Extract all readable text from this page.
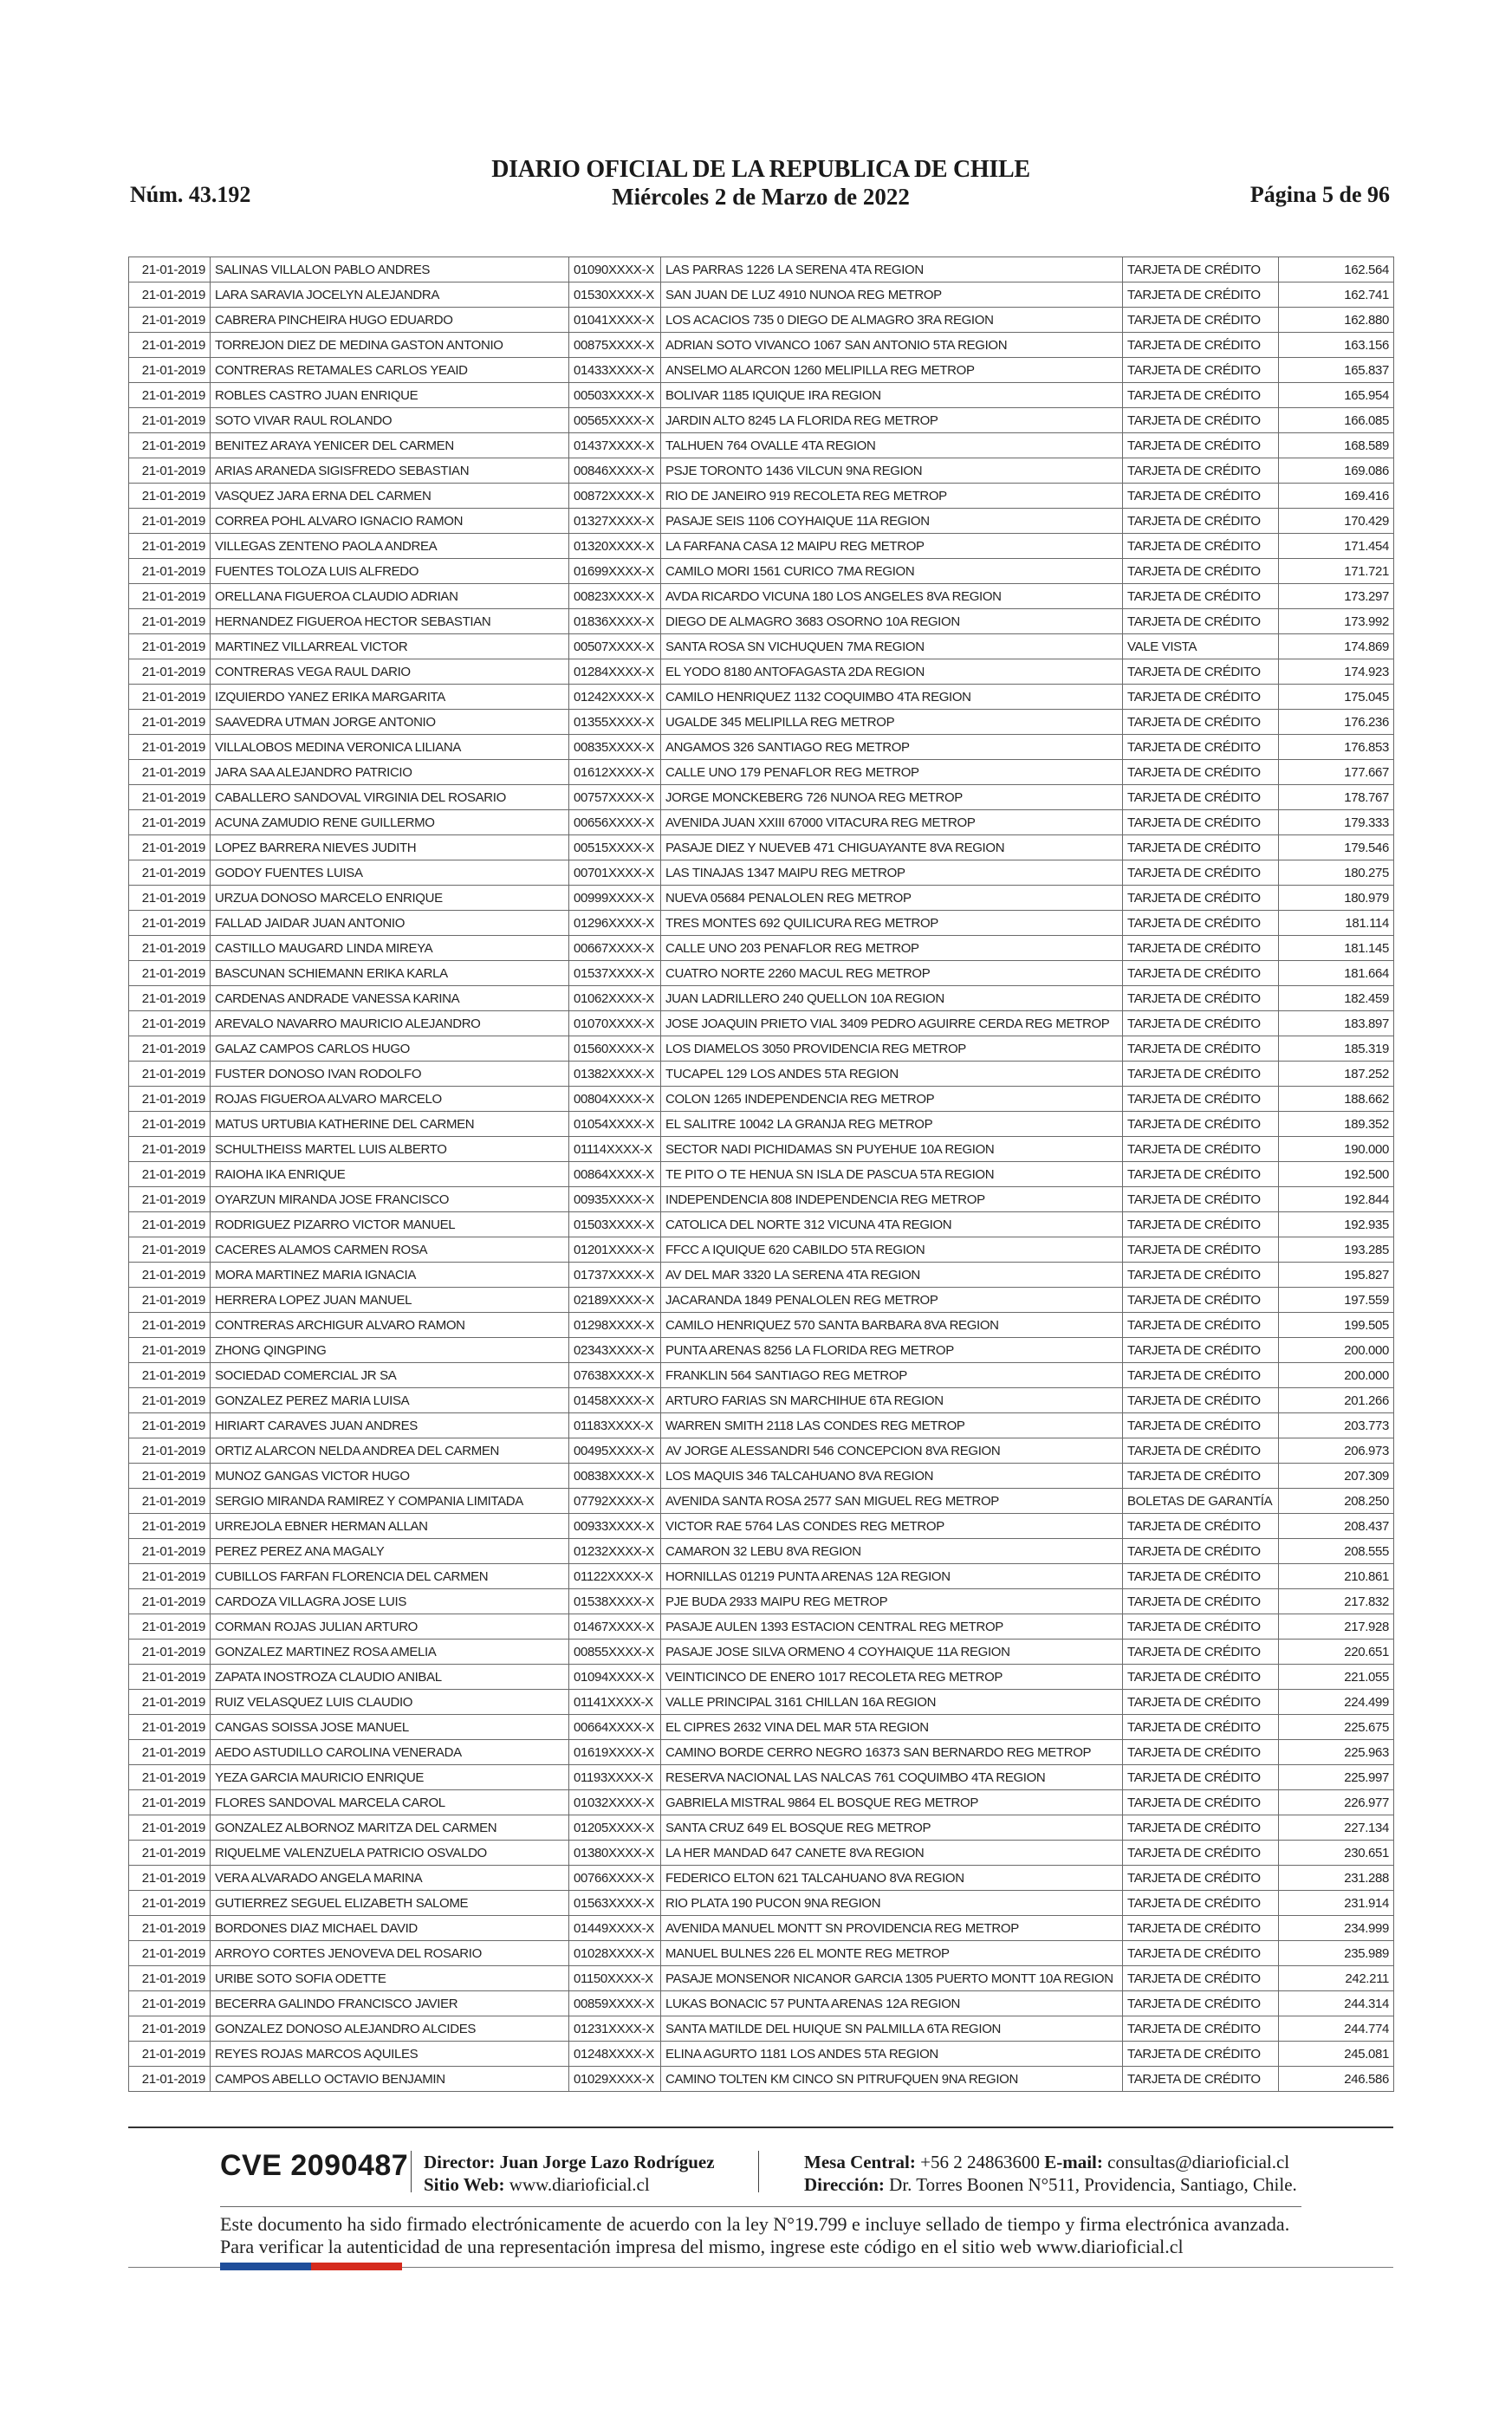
Núm. 43.192
DIARIO OFICIAL DE LA REPUBLICA DE CHILE
Miércoles 2 de Marzo de 2022	Página 5 de 96
21-01-2019	SALINAS VILLALON PABLO ANDRES	01090XXXX-X	LAS PARRAS 1226 LA SERENA 4TA REGION	TARJETA DE CRÉDITO	162.564
21-01-2019	LARA SARAVIA JOCELYN ALEJANDRA	01530XXXX-X	SAN JUAN DE LUZ 4910 NUNOA REG METROP	TARJETA DE CRÉDITO	162.741
21-01-2019	CABRERA PINCHEIRA HUGO EDUARDO	01041XXXX-X	LOS ACACIOS 735 0 DIEGO DE ALMAGRO 3RA REGION	TARJETA DE CRÉDITO	162.880
21-01-2019	TORREJON DIEZ DE MEDINA GASTON ANTONIO	00875XXXX-X	ADRIAN SOTO VIVANCO 1067 SAN ANTONIO 5TA REGION	TARJETA DE CRÉDITO	163.156
21-01-2019	CONTRERAS RETAMALES CARLOS YEAID	01433XXXX-X	ANSELMO ALARCON 1260 MELIPILLA REG METROP	TARJETA DE CRÉDITO	165.837
21-01-2019	ROBLES CASTRO JUAN ENRIQUE	00503XXXX-X	BOLIVAR 1185 IQUIQUE IRA REGION	TARJETA DE CRÉDITO	165.954
21-01-2019	SOTO VIVAR RAUL ROLANDO	00565XXXX-X	JARDIN ALTO 8245 LA FLORIDA REG METROP	TARJETA DE CRÉDITO	166.085
21-01-2019	BENITEZ ARAYA YENICER DEL CARMEN	01437XXXX-X	TALHUEN 764 OVALLE 4TA REGION	TARJETA DE CRÉDITO	168.589
21-01-2019	ARIAS ARANEDA SIGISFREDO SEBASTIAN	00846XXXX-X	PSJE TORONTO 1436 VILCUN 9NA REGION	TARJETA DE CRÉDITO	169.086
21-01-2019	VASQUEZ JARA ERNA DEL CARMEN	00872XXXX-X	RIO DE JANEIRO 919 RECOLETA REG METROP	TARJETA DE CRÉDITO	169.416
21-01-2019	CORREA POHL ALVARO IGNACIO RAMON	01327XXXX-X	PASAJE SEIS 1106 COYHAIQUE 11A REGION	TARJETA DE CRÉDITO	170.429
21-01-2019	VILLEGAS ZENTENO PAOLA ANDREA	01320XXXX-X	LA FARFANA CASA 12 MAIPU REG METROP	TARJETA DE CRÉDITO	171.454
21-01-2019	FUENTES TOLOZA LUIS ALFREDO	01699XXXX-X	CAMILO MORI 1561 CURICO 7MA REGION	TARJETA DE CRÉDITO	171.721
21-01-2019	ORELLANA FIGUEROA CLAUDIO ADRIAN	00823XXXX-X	AVDA RICARDO VICUNA 180 LOS ANGELES 8VA REGION	TARJETA DE CRÉDITO	173.297
21-01-2019	HERNANDEZ FIGUEROA HECTOR SEBASTIAN	01836XXXX-X	DIEGO DE ALMAGRO 3683 OSORNO 10A REGION	TARJETA DE CRÉDITO	173.992
21-01-2019	MARTINEZ VILLARREAL VICTOR	00507XXXX-X	SANTA ROSA SN VICHUQUEN 7MA REGION	VALE VISTA	174.869
21-01-2019	CONTRERAS VEGA RAUL DARIO	01284XXXX-X	EL YODO 8180 ANTOFAGASTA 2DA REGION	TARJETA DE CRÉDITO	174.923
21-01-2019	IZQUIERDO YANEZ ERIKA MARGARITA	01242XXXX-X	CAMILO HENRIQUEZ 1132 COQUIMBO 4TA REGION	TARJETA DE CRÉDITO	175.045
21-01-2019	SAAVEDRA UTMAN JORGE ANTONIO	01355XXXX-X	UGALDE 345 MELIPILLA REG METROP	TARJETA DE CRÉDITO	176.236
21-01-2019	VILLALOBOS MEDINA VERONICA LILIANA	00835XXXX-X	ANGAMOS 326 SANTIAGO REG METROP	TARJETA DE CRÉDITO	176.853
21-01-2019	JARA SAA ALEJANDRO PATRICIO	01612XXXX-X	CALLE UNO 179 PENAFLOR REG METROP	TARJETA DE CRÉDITO	177.667
21-01-2019	CABALLERO SANDOVAL VIRGINIA DEL ROSARIO	00757XXXX-X	JORGE MONCKEBERG 726 NUNOA REG METROP	TARJETA DE CRÉDITO	178.767
21-01-2019	ACUNA ZAMUDIO RENE GUILLERMO	00656XXXX-X	AVENIDA JUAN XXIII 67000 VITACURA REG METROP	TARJETA DE CRÉDITO	179.333
21-01-2019	LOPEZ BARRERA NIEVES JUDITH	00515XXXX-X	PASAJE DIEZ Y NUEVEB 471 CHIGUAYANTE 8VA REGION	TARJETA DE CRÉDITO	179.546
21-01-2019	GODOY FUENTES LUISA	00701XXXX-X	LAS TINAJAS 1347 MAIPU REG METROP	TARJETA DE CRÉDITO	180.275
21-01-2019	URZUA DONOSO MARCELO ENRIQUE	00999XXXX-X	NUEVA 05684 PENALOLEN REG METROP	TARJETA DE CRÉDITO	180.979
21-01-2019	FALLAD JAIDAR JUAN ANTONIO	01296XXXX-X	TRES MONTES 692 QUILICURA REG METROP	TARJETA DE CRÉDITO	181.114
21-01-2019	CASTILLO MAUGARD LINDA MIREYA	00667XXXX-X	CALLE UNO 203 PENAFLOR REG METROP	TARJETA DE CRÉDITO	181.145
21-01-2019	BASCUNAN SCHIEMANN ERIKA KARLA	01537XXXX-X	CUATRO NORTE 2260 MACUL REG METROP	TARJETA DE CRÉDITO	181.664
21-01-2019	CARDENAS ANDRADE VANESSA KARINA	01062XXXX-X	JUAN LADRILLERO 240 QUELLON 10A REGION	TARJETA DE CRÉDITO	182.459
21-01-2019	AREVALO NAVARRO MAURICIO ALEJANDRO	01070XXXX-X	JOSE JOAQUIN PRIETO VIAL 3409 PEDRO AGUIRRE CERDA REG METROP	TARJETA DE CRÉDITO	183.897
21-01-2019	GALAZ CAMPOS CARLOS HUGO	01560XXXX-X	LOS DIAMELOS 3050 PROVIDENCIA REG METROP	TARJETA DE CRÉDITO	185.319
21-01-2019	FUSTER DONOSO IVAN RODOLFO	01382XXXX-X	TUCAPEL 129 LOS ANDES 5TA REGION	TARJETA DE CRÉDITO	187.252
21-01-2019	ROJAS FIGUEROA ALVARO MARCELO	00804XXXX-X	COLON 1265 INDEPENDENCIA REG METROP	TARJETA DE CRÉDITO	188.662
21-01-2019	MATUS URTUBIA KATHERINE DEL CARMEN	01054XXXX-X	EL SALITRE 10042 LA GRANJA REG METROP	TARJETA DE CRÉDITO	189.352
21-01-2019	SCHULTHEISS MARTEL LUIS ALBERTO	01114XXXX-X	SECTOR NADI PICHIDAMAS SN PUYEHUE 10A REGION	TARJETA DE CRÉDITO	190.000
21-01-2019	RAIOHA IKA ENRIQUE	00864XXXX-X	TE PITO O TE HENUA SN ISLA DE PASCUA 5TA REGION	TARJETA DE CRÉDITO	192.500
21-01-2019	OYARZUN MIRANDA JOSE FRANCISCO	00935XXXX-X	INDEPENDENCIA 808 INDEPENDENCIA REG METROP	TARJETA DE CRÉDITO	192.844
21-01-2019	RODRIGUEZ PIZARRO VICTOR MANUEL	01503XXXX-X	CATOLICA DEL NORTE 312 VICUNA 4TA REGION	TARJETA DE CRÉDITO	192.935
21-01-2019	CACERES ALAMOS CARMEN ROSA	01201XXXX-X	FFCC A IQUIQUE 620 CABILDO 5TA REGION	TARJETA DE CRÉDITO	193.285
21-01-2019	MORA MARTINEZ MARIA IGNACIA	01737XXXX-X	AV DEL MAR 3320 LA SERENA 4TA REGION	TARJETA DE CRÉDITO	195.827
21-01-2019	HERRERA LOPEZ JUAN MANUEL	02189XXXX-X	JACARANDA 1849 PENALOLEN REG METROP	TARJETA DE CRÉDITO	197.559
21-01-2019	CONTRERAS ARCHIGUR ALVARO RAMON	01298XXXX-X	CAMILO HENRIQUEZ 570 SANTA BARBARA 8VA REGION	TARJETA DE CRÉDITO	199.505
21-01-2019	ZHONG QINGPING	02343XXXX-X	PUNTA ARENAS 8256 LA FLORIDA REG METROP	TARJETA DE CRÉDITO	200.000
21-01-2019	SOCIEDAD COMERCIAL JR SA	07638XXXX-X	FRANKLIN 564 SANTIAGO REG METROP	TARJETA DE CRÉDITO	200.000
21-01-2019	GONZALEZ PEREZ MARIA LUISA	01458XXXX-X	ARTURO FARIAS SN MARCHIHUE 6TA REGION	TARJETA DE CRÉDITO	201.266
21-01-2019	HIRIART CARAVES JUAN ANDRES	01183XXXX-X	WARREN SMITH 2118 LAS CONDES REG METROP	TARJETA DE CRÉDITO	203.773
21-01-2019	ORTIZ ALARCON NELDA ANDREA DEL CARMEN	00495XXXX-X	AV JORGE ALESSANDRI 546 CONCEPCION 8VA REGION	TARJETA DE CRÉDITO	206.973
21-01-2019	MUNOZ GANGAS VICTOR HUGO	00838XXXX-X	LOS MAQUIS 346 TALCAHUANO 8VA REGION	TARJETA DE CRÉDITO	207.309
21-01-2019	SERGIO MIRANDA RAMIREZ Y COMPANIA LIMITADA	07792XXXX-X	AVENIDA SANTA ROSA 2577 SAN MIGUEL REG METROP	BOLETAS DE GARANTÍA	208.250
21-01-2019	URREJOLA EBNER HERMAN ALLAN	00933XXXX-X	VICTOR RAE 5764 LAS CONDES REG METROP	TARJETA DE CRÉDITO	208.437
21-01-2019	PEREZ PEREZ ANA MAGALY	01232XXXX-X	CAMARON 32 LEBU 8VA REGION	TARJETA DE CRÉDITO	208.555
21-01-2019	CUBILLOS FARFAN FLORENCIA DEL CARMEN	01122XXXX-X	HORNILLAS 01219 PUNTA ARENAS 12A REGION	TARJETA DE CRÉDITO	210.861
21-01-2019	CARDOZA VILLAGRA JOSE LUIS	01538XXXX-X	PJE BUDA 2933 MAIPU REG METROP	TARJETA DE CRÉDITO	217.832
21-01-2019	CORMAN ROJAS JULIAN ARTURO	01467XXXX-X	PASAJE AULEN 1393 ESTACION CENTRAL REG METROP	TARJETA DE CRÉDITO	217.928
21-01-2019	GONZALEZ MARTINEZ ROSA AMELIA	00855XXXX-X	PASAJE JOSE SILVA ORMENO 4 COYHAIQUE 11A REGION	TARJETA DE CRÉDITO	220.651
21-01-2019	ZAPATA INOSTROZA CLAUDIO ANIBAL	01094XXXX-X	VEINTICINCO DE ENERO 1017 RECOLETA REG METROP	TARJETA DE CRÉDITO	221.055
21-01-2019	RUIZ VELASQUEZ LUIS CLAUDIO	01141XXXX-X	VALLE PRINCIPAL 3161 CHILLAN 16A REGION	TARJETA DE CRÉDITO	224.499
21-01-2019	CANGAS SOISSA JOSE MANUEL	00664XXXX-X	EL CIPRES 2632 VINA DEL MAR 5TA REGION	TARJETA DE CRÉDITO	225.675
21-01-2019	AEDO ASTUDILLO CAROLINA VENERADA	01619XXXX-X	CAMINO BORDE CERRO NEGRO 16373 SAN BERNARDO REG METROP	TARJETA DE CRÉDITO	225.963
21-01-2019	YEZA GARCIA MAURICIO ENRIQUE	01193XXXX-X	RESERVA NACIONAL LAS NALCAS 761 COQUIMBO 4TA REGION	TARJETA DE CRÉDITO	225.997
21-01-2019	FLORES SANDOVAL MARCELA CAROL	01032XXXX-X	GABRIELA MISTRAL 9864 EL BOSQUE REG METROP	TARJETA DE CRÉDITO	226.977
21-01-2019	GONZALEZ ALBORNOZ MARITZA DEL CARMEN	01205XXXX-X	SANTA CRUZ 649 EL BOSQUE REG METROP	TARJETA DE CRÉDITO	227.134
21-01-2019	RIQUELME VALENZUELA PATRICIO OSVALDO	01380XXXX-X	LA HER MANDAD 647 CANETE 8VA REGION	TARJETA DE CRÉDITO	230.651
21-01-2019	VERA ALVARADO ANGELA MARINA	00766XXXX-X	FEDERICO ELTON 621 TALCAHUANO 8VA REGION	TARJETA DE CRÉDITO	231.288
21-01-2019	GUTIERREZ SEGUEL ELIZABETH SALOME	01563XXXX-X	RIO PLATA 190 PUCON 9NA REGION	TARJETA DE CRÉDITO	231.914
21-01-2019	BORDONES DIAZ MICHAEL DAVID	01449XXXX-X	AVENIDA MANUEL MONTT SN PROVIDENCIA REG METROP	TARJETA DE CRÉDITO	234.999
21-01-2019	ARROYO CORTES JENOVEVA DEL ROSARIO	01028XXXX-X	MANUEL BULNES 226 EL MONTE REG METROP	TARJETA DE CRÉDITO	235.989
21-01-2019	URIBE SOTO SOFIA ODETTE	01150XXXX-X	PASAJE MONSENOR NICANOR GARCIA 1305 PUERTO MONTT 10A REGION	TARJETA DE CRÉDITO	242.211
21-01-2019	BECERRA GALINDO FRANCISCO JAVIER	00859XXXX-X	LUKAS BONACIC 57 PUNTA ARENAS 12A REGION	TARJETA DE CRÉDITO	244.314
21-01-2019	GONZALEZ DONOSO ALEJANDRO ALCIDES	01231XXXX-X	SANTA MATILDE DEL HUIQUE SN PALMILLA 6TA REGION	TARJETA DE CRÉDITO	244.774
21-01-2019	REYES ROJAS MARCOS AQUILES	01248XXXX-X	ELINA AGURTO 1181 LOS ANDES 5TA REGION	TARJETA DE CRÉDITO	245.081
21-01-2019	CAMPOS ABELLO OCTAVIO BENJAMIN	01029XXXX-X	CAMINO TOLTEN KM CINCO SN PITRUFQUEN 9NA REGION	TARJETA DE CRÉDITO	246.586
CVE 2090487 Director: Juan Jorge Lazo Rodríguez
Sitio Web: www.diarioficial.cl
Mesa Central: +56 2 24863600 E-mail: consultas@diarioficial.cl
Dirección: Dr. Torres Boonen N°511, Providencia, Santiago, Chile.
Este documento ha sido firmado electrónicamente de acuerdo con la ley N°19.799 e incluye sellado de tiempo y firma electrónica avanzada. Para verificar la autenticidad de una representación impresa del mismo, ingrese este código en el sitio web www.diarioficial.cl
